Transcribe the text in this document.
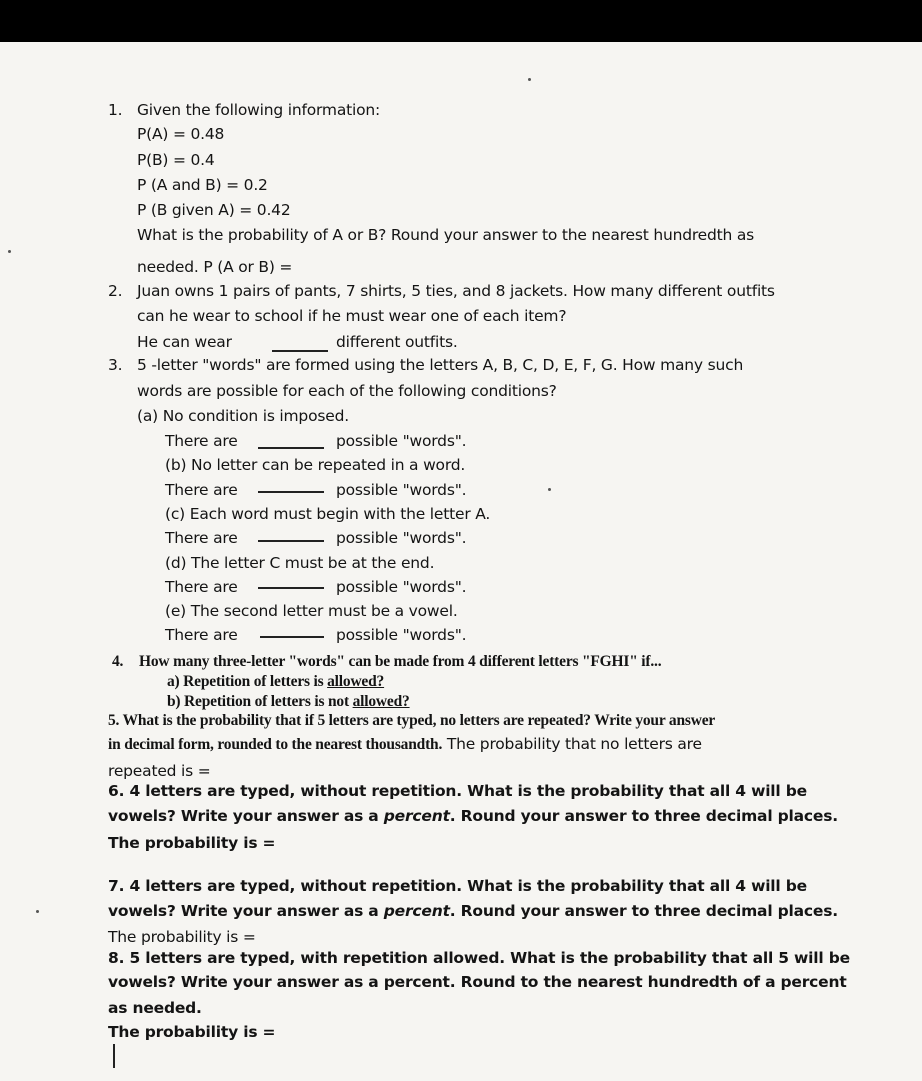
1. Given the following information:
P(A) = 0.48
P(B) = 0.4
P (A and B) = 0.2
P (B given A) = 0.42
What is the probability of A or B? Round your answer to the nearest hundredth as
needed. P (A or B) =
2. Juan owns 1 pairs of pants, 7 shirts, 5 ties, and 8 jackets. How many different outfits
can he wear to school if he must wear one of each item?
He can wear	different outfits.
3. 5 -letter "words" are formed using the letters A, B, C, D, E, F, G. How many such
words are possible for each of the following conditions?
(a) No condition is imposed.
There are	possible "words".
(b) No letter can be repeated in a word.
There are	possible "words".
(c) Each word must begin with the letter A.
There are	possible "words".
(d) The letter C must be at the end.
There are	possible "words".
(e) The second letter must be a vowel.
There are	possible "words".
4. How many three-letter "words" can be made from 4 different letters "FGHI" if...
a) Repetition of letters is allowed?
b) Repetition of letters is not allowed?
5. What is the probability that if 5 letters are typed, no letters are repeated? Write your answer
in decimal form, rounded to the nearest thousandth. The probability that no letters are
repeated is =
6. 4 letters are typed, without repetition. What is the probability that all 4 will be
vowels? Write your answer as a percent. Round your answer to three decimal places.
The probability is =
7. 4 letters are typed, without repetition. What is the probability that all 4 will be
vowels? Write your answer as a percent. Round your answer to three decimal places.
The probability is =
8. 5 letters are typed, with repetition allowed. What is the probability that all 5 will be
vowels? Write your answer as a percent. Round to the nearest hundredth of a percent
as needed.
The probability is =
